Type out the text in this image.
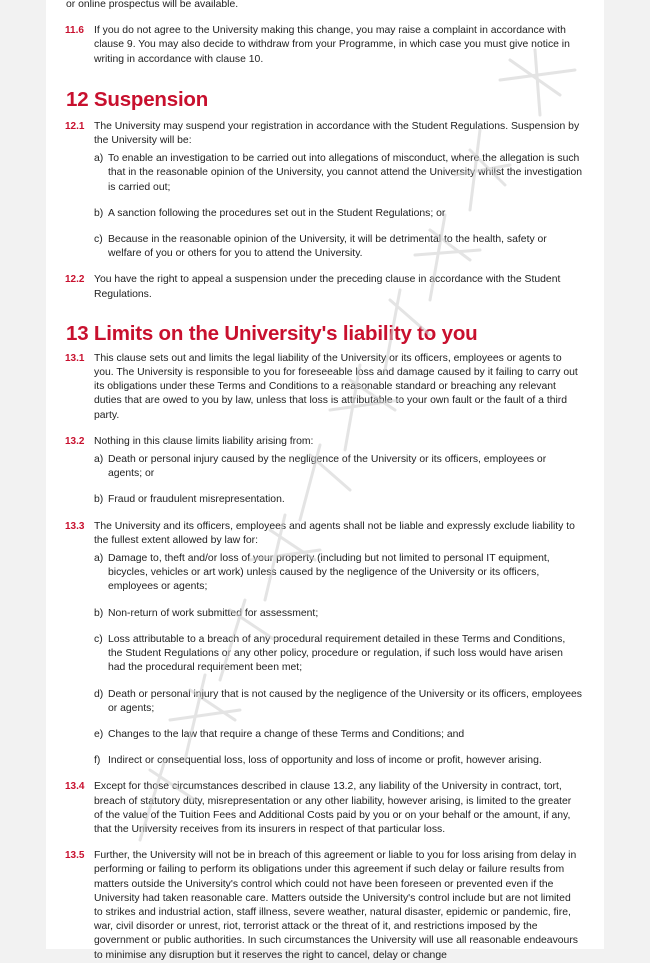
or online prospectus will be available.

11.6 If you do not agree to the University making this change, you may raise a complaint in accordance with clause 9. You may also decide to withdraw from your Programme, in which case you must give notice in writing in accordance with clause 10.
12 Suspension
12.1 The University may suspend your registration in accordance with the Student Regulations. Suspension by the University will be:
a) To enable an investigation to be carried out into allegations of misconduct, where the allegation is such that in the reasonable opinion of the University, you cannot attend the University whilst the investigation is carried out;
b) A sanction following the procedures set out in the Student Regulations; or
c) Because in the reasonable opinion of the University, it will be detrimental to the health, safety or welfare of you or others for you to attend the University.
12.2 You have the right to appeal a suspension under the preceding clause in accordance with the Student Regulations.
13 Limits on the University's liability to you
13.1 This clause sets out and limits the legal liability of the University or its officers, employees or agents to you. The University is responsible to you for foreseeable loss and damage caused by it failing to carry out its obligations under these Terms and Conditions to a reasonable standard or breaching any relevant duties that are owed to you by law, unless that loss is attributable to your own fault or the fault of a third party.
13.2 Nothing in this clause limits liability arising from:
a) Death or personal injury caused by the negligence of the University or its officers, employees or agents; or
b) Fraud or fraudulent misrepresentation.
13.3 The University and its officers, employees and agents shall not be liable and expressly exclude liability to the fullest extent allowed by law for:
a) Damage to, theft and/or loss of your property (including but not limited to personal IT equipment, bicycles, vehicles or art work) unless caused by the negligence of the University or its officers, employees or agents;
b) Non-return of work submitted for assessment;
c) Loss attributable to a breach of any procedural requirement detailed in these Terms and Conditions, the Student Regulations or any other policy, procedure or regulation, if such loss would have arisen had the procedural requirement been met;
d) Death or personal injury that is not caused by the negligence of the University or its officers, employees or agents;
e) Changes to the law that require a change of these Terms and Conditions; and
f) Indirect or consequential loss, loss of opportunity and loss of income or profit, however arising.
13.4 Except for those circumstances described in clause 13.2, any liability of the University in contract, tort, breach of statutory duty, misrepresentation or any other liability, however arising, is limited to the greater of the value of the Tuition Fees and Additional Costs paid by you or on your behalf or the amount, if any, that the University receives from its insurers in respect of that particular loss.
13.5 Further, the University will not be in breach of this agreement or liable to you for loss arising from delay in performing or failing to perform its obligations under this agreement if such delay or failure results from matters outside the University's control which could not have been foreseen or prevented even if the University had taken reasonable care. Matters outside the University's control include but are not limited to strikes and industrial action, staff illness, severe weather, natural disaster, epidemic or pandemic, fire, war, civil disorder or unrest, riot, terrorist attack or the threat of it, and restrictions imposed by the government or public authorities. In such circumstances the University will use all reasonable endeavours to minimise any disruption but it reserves the right to cancel, delay or change
